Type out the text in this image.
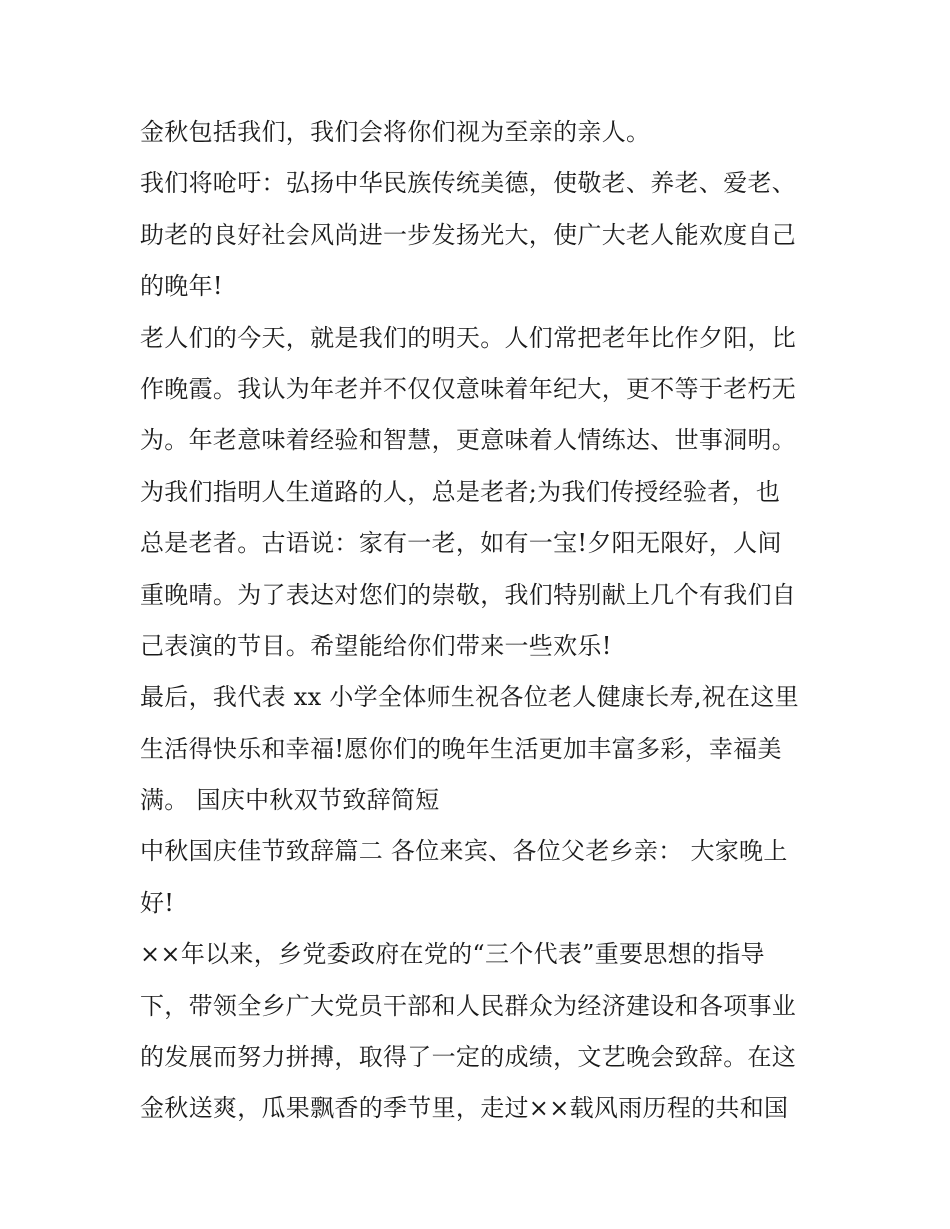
金秋包括我们，我们会将你们视为至亲的亲人。
我们将呛吁：弘扬中华民族传统美德，使敬老、养老、爱老、
助老的良好社会风尚进一步发扬光大，使广大老人能欢度自己
的晚年!
老人们的今天，就是我们的明天。人们常把老年比作夕阳，比
作晚霞。我认为年老并不仅仅意味着年纪大，更不等于老朽无
为。年老意味着经验和智慧，更意味着人情练达、世事洞明。
为我们指明人生道路的人，总是老者;为我们传授经验者，也
总是老者。古语说：家有一老，如有一宝!夕阳无限好，人间
重晚晴。为了表达对您们的崇敬，我们特别献上几个有我们自
己表演的节目。希望能给你们带来一些欢乐!
最后，我代表 xx 小学全体师生祝各位老人健康长寿,祝在这里
生活得快乐和幸福!愿你们的晚年生活更加丰富多彩，幸福美
满。 国庆中秋双节致辞简短
中秋国庆佳节致辞篇二 各位来宾、各位父老乡亲： 大家晚上
好!
××年以来，乡党委政府在党的“三个代表”重要思想的指导
下，带领全乡广大党员干部和人民群众为经济建设和各项事业
的发展而努力拼搏，取得了一定的成绩，文艺晚会致辞。在这
金秋送爽，瓜果飘香的季节里，走过××载风雨历程的共和国
